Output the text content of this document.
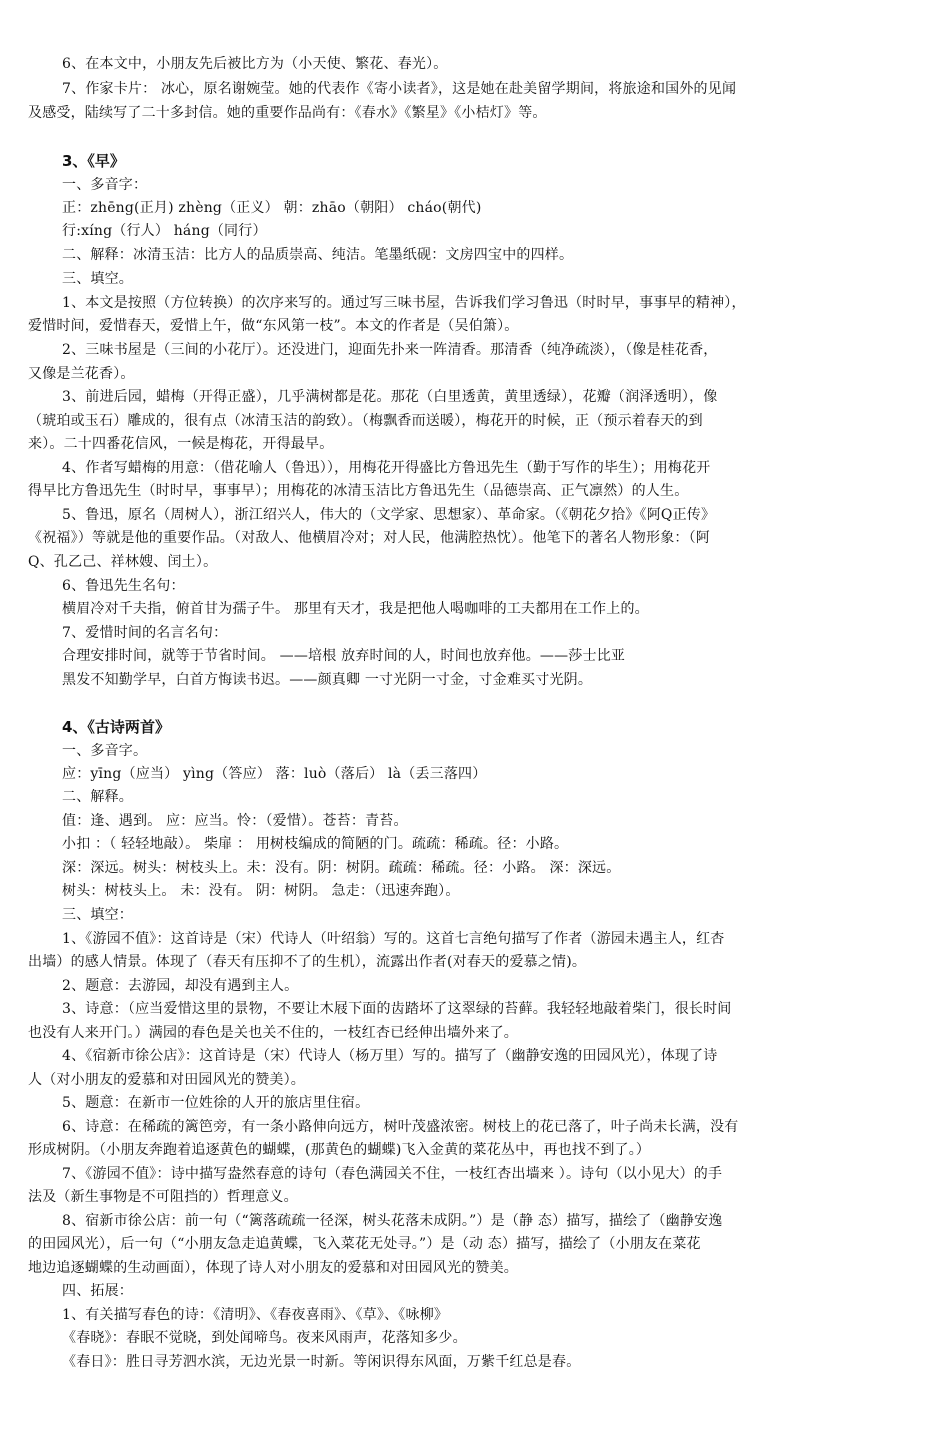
6、在本文中，小朋友先后被比方为（小天使、繁花、春光）。
7、作家卡片： 冰心，原名谢婉莹。她的代表作《寄小读者》，这是她在赴美留学期间，将旅途和国外的见闻
及感受，陆续写了二十多封信。她的重要作品尚有：《春水》《繁星》《小桔灯》等。
3、《早》
一、多音字：
正：zhēng(正月) zhèng（正义） 朝：zhāo（朝阳） cháo(朝代)
行:xíng（行人） háng（同行）
二、解释：冰清玉洁：比方人的品质崇高、纯洁。笔墨纸砚：文房四宝中的四样。
三、填空。
1、本文是按照（方位转换）的次序来写的。通过写三味书屋，告诉我们学习鲁迅（时时早，事事早的精神），
爱惜时间，爱惜春天，爱惜上午，做“东风第一枝”。本文的作者是（吴伯箫）。
2、三味书屋是（三间的小花厅）。还没进门，迎面先扑来一阵清香。那清香（纯净疏淡），（像是桂花香，
又像是兰花香）。
3、前进后园，蜡梅（开得正盛），几乎满树都是花。那花（白里透黄，黄里透绿），花瓣（润泽透明），像
（琥珀或玉石）雕成的，很有点（冰清玉洁的韵致）。（梅飘香而送暖），梅花开的时候，正（预示着春天的到
来）。二十四番花信风，一候是梅花，开得最早。
4、作者写蜡梅的用意：（借花喻人（鲁迅）），用梅花开得盛比方鲁迅先生（勤于写作的毕生）；用梅花开
得早比方鲁迅先生（时时早，事事早）；用梅花的冰清玉洁比方鲁迅先生（品德崇高、正气凛然）的人生。
5、鲁迅，原名（周树人），浙江绍兴人，伟大的（文学家、思想家）、革命家。（《朝花夕拾》《阿Q正传》
《祝福》）等就是他的重要作品。（对敌人、他横眉冷对；对人民，他满腔热忱）。他笔下的著名人物形象：（阿
Q、孔乙己、祥林嫂、闰土）。
6、鲁迅先生名句：
横眉冷对千夫指，俯首甘为孺子牛。 那里有天才，我是把他人喝咖啡的工夫都用在工作上的。
7、爱惜时间的名言名句：
合理安排时间，就等于节省时间。 ——培根 放弃时间的人，时间也放弃他。——莎士比亚
黑发不知勤学早，白首方悔读书迟。——颜真卿 一寸光阴一寸金，寸金难买寸光阴。
4、《古诗两首》
一、多音字。
应：yīng（应当） yìng（答应） 落：luò（落后） là（丢三落四）
二、解释。
值：逢、遇到。 应：应当。怜：（爱惜）。苍苔：青苔。
小扣 ：（ 轻轻地敲）。 柴扉 ： 用树枝编成的简陋的门。疏疏：稀疏。径：小路。
深：深远。树头：树枝头上。未：没有。阴：树阴。疏疏：稀疏。径：小路。 深：深远。
树头：树枝头上。 未：没有。 阴：树阴。 急走：（迅速奔跑）。
三、填空：
1、《游园不值》：这首诗是（宋）代诗人（叶绍翁）写的。这首七言绝句描写了作者（游园未遇主人，红杏
出墙）的感人情景。体现了（春天有压抑不了的生机），流露出作者(对春天的爱慕之情)。
2、题意：去游园，却没有遇到主人。
3、诗意：（应当爱惜这里的景物，不要让木屐下面的齿踏坏了这翠绿的苔藓。我轻轻地敲着柴门，很长时间
也没有人来开门。）满园的春色是关也关不住的，一枝红杏已经伸出墙外来了。
4、《宿新市徐公店》：这首诗是（宋）代诗人（杨万里）写的。描写了（幽静安逸的田园风光），体现了诗
人（对小朋友的爱慕和对田园风光的赞美）。
5、题意：在新市一位姓徐的人开的旅店里住宿。
6、诗意：在稀疏的篱笆旁，有一条小路伸向远方，树叶茂盛浓密。树枝上的花已落了，叶子尚未长满，没有
形成树阴。（小朋友奔跑着追逐黄色的蝴蝶，(那黄色的蝴蝶)飞入金黄的菜花丛中，再也找不到了。）
7、《游园不值》：诗中描写盎然春意的诗句（春色满园关不住，一枝红杏出墙来 ）。诗句（以小见大）的手
法及（新生事物是不可阻挡的）哲理意义。
8、宿新市徐公店：前一句（“篱落疏疏一径深，树头花落未成阴。”）是（静 态）描写，描绘了（幽静安逸
的田园风光），后一句（“小朋友急走追黄蝶，飞入菜花无处寻。”）是（动 态）描写，描绘了（小朋友在菜花
地边追逐蝴蝶的生动画面），体现了诗人对小朋友的爱慕和对田园风光的赞美。
四、拓展：
1、有关描写春色的诗：《清明》、《春夜喜雨》、《草》、《咏柳》
《春晓》：春眠不觉晓，到处闻啼鸟。夜来风雨声，花落知多少。
《春日》：胜日寻芳泗水滨，无边光景一时新。等闲识得东风面，万紫千红总是春。
